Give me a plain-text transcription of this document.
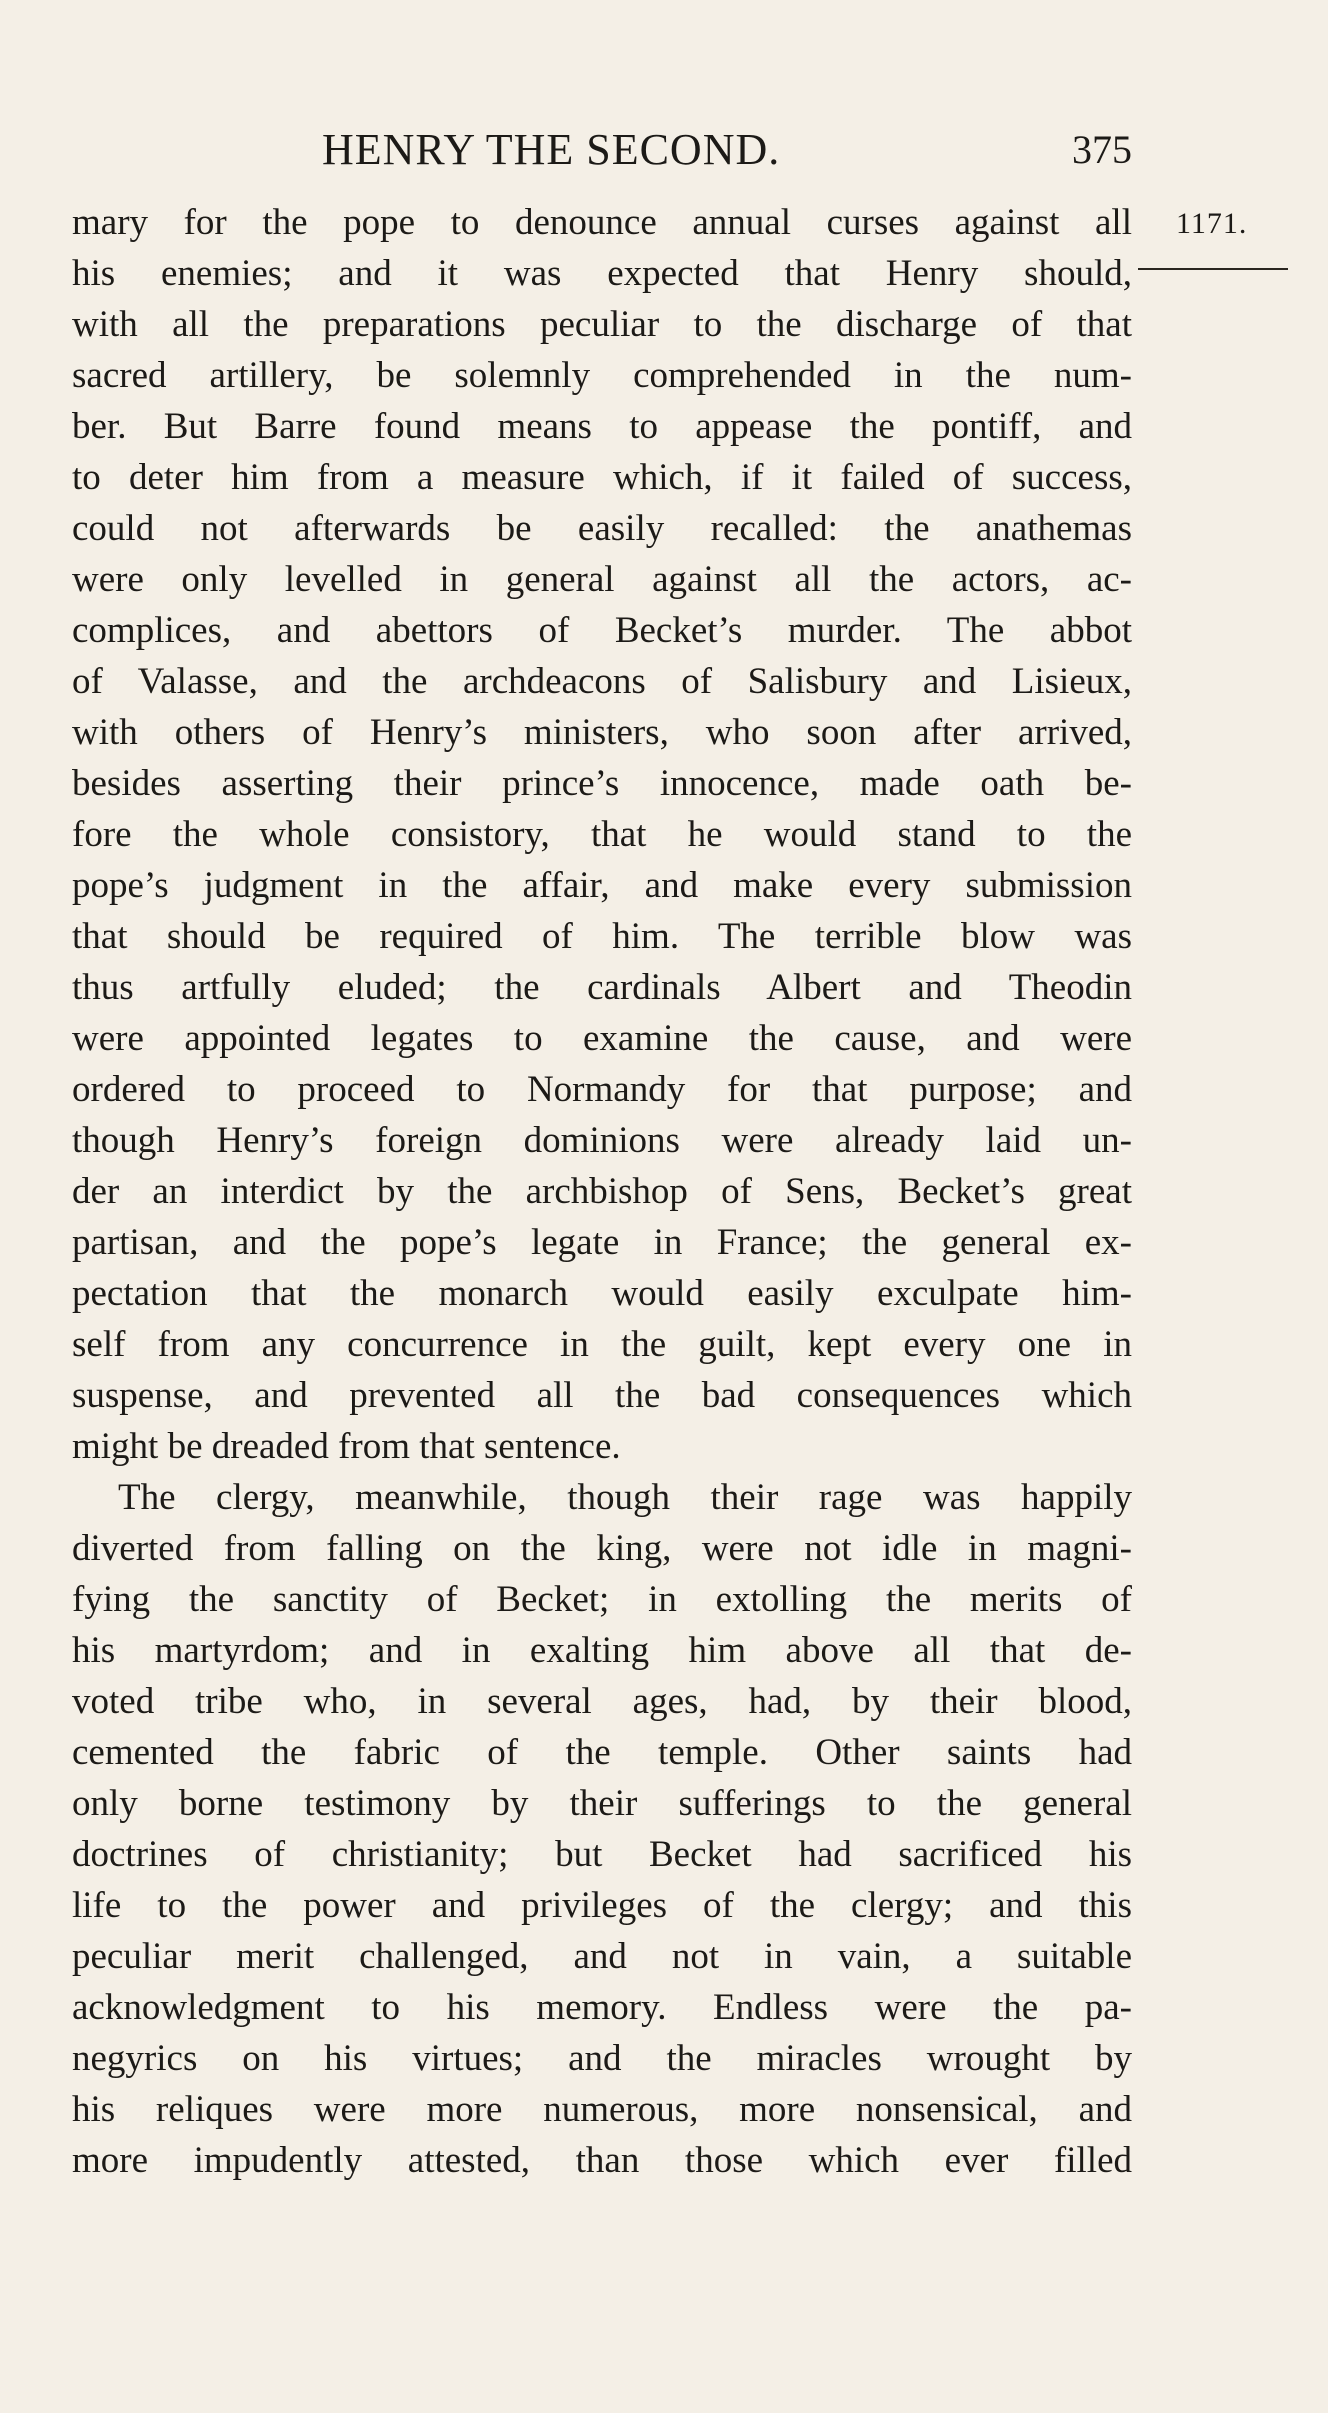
HENRY THE SECOND.	375
1171.
mary for the pope to denounce annual curses against all
his enemies; and it was expected that Henry should,
with all the preparations peculiar to the discharge of that
sacred artillery, be solemnly comprehended in the num-
ber. But Barre found means to appease the pontiff, and
to deter him from a measure which, if it failed of success,
could not afterwards be easily recalled: the anathemas
were only levelled in general against all the actors, ac-
complices, and abettors of Becket’s murder. The abbot
of Valasse, and the archdeacons of Salisbury and Lisieux,
with others of Henry’s ministers, who soon after arrived,
besides asserting their prince’s innocence, made oath be-
fore the whole consistory, that he would stand to the
pope’s judgment in the affair, and make every submission
that should be required of him. The terrible blow was
thus artfully eluded; the cardinals Albert and Theodin
were appointed legates to examine the cause, and were
ordered to proceed to Normandy for that purpose; and
though Henry’s foreign dominions were already laid un-
der an interdict by the archbishop of Sens, Becket’s great
partisan, and the pope’s legate in France; the general ex-
pectation that the monarch would easily exculpate him-
self from any concurrence in the guilt, kept every one in
suspense, and prevented all the bad consequences which
might be dreaded from that sentence.
The clergy, meanwhile, though their rage was happily
diverted from falling on the king, were not idle in magni-
fying the sanctity of Becket; in extolling the merits of
his martyrdom; and in exalting him above all that de-
voted tribe who, in several ages, had, by their blood,
cemented the fabric of the temple. Other saints had
only borne testimony by their sufferings to the general
doctrines of christianity; but Becket had sacrificed his
life to the power and privileges of the clergy; and this
peculiar merit challenged, and not in vain, a suitable
acknowledgment to his memory. Endless were the pa-
negyrics on his virtues; and the miracles wrought by
his reliques were more numerous, more nonsensical, and
more impudently attested, than those which ever filled
